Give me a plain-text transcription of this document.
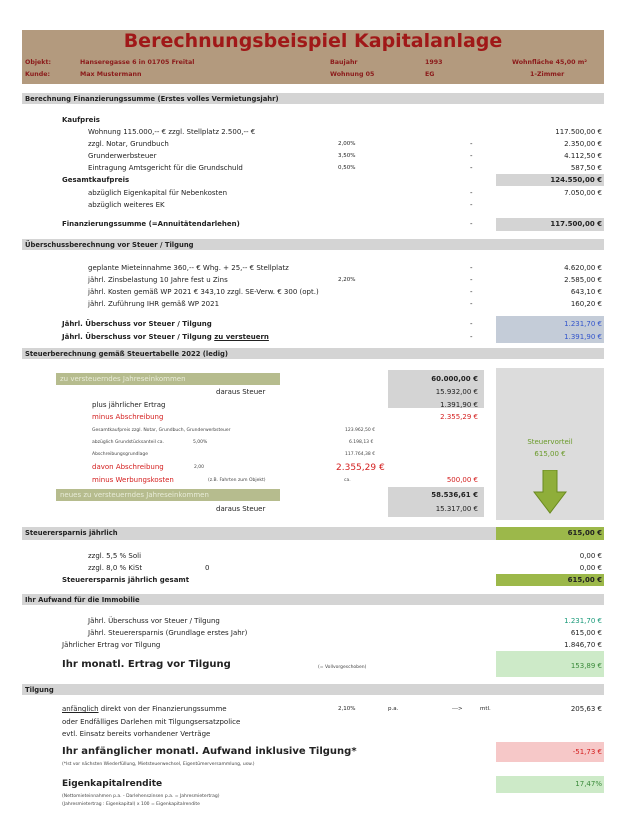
Berechnungsbeispiel Kapitalanlage
Objekt:	Hanseregasse 6 in 01705 Freital	Baujahr	1993	Wohnfläche 45,00 m²
Kunde:	Max Mustermann	Wohnung 05	EG	1-Zimmer
Berechnung Finanzierungssumme (Erstes volles Vermietungsjahr)
Kaufpreis
Wohnung 115.000,-- € zzgl. Stellplatz 2.500,-- €	117.500,00 €
zzgl. Notar, Grundbuch	2,00%	-	2.350,00 €
Grunderwerbsteuer	3,50%	-	4.112,50 €
Eintragung Amtsgericht für die Grundschuld	0,50%	-	587,50 €
Gesamtkaufpreis	124.550,00 €
abzüglich Eigenkapital für Nebenkosten	-	7.050,00 €
abzüglich weiteres EK	-
Finanzierungssumme (=Annuitätendarlehen)	-	117.500,00 €
Überschussberechnung vor Steuer / Tilgung
geplante Mieteinnahme 360,-- € Whg. + 25,-- € Stellplatz	-	4.620,00 €
jährl. Zinsbelastung 10 Jahre fest u Zins	2,20%	-	2.585,00 €
jährl. Kosten gemäß WP 2021 € 343,10 zzgl. SE-Verw. € 300 (opt.)	-	643,10 €
jährl. Zuführung IHR gemäß WP 2021	-	160,20 €
Jährl. Überschuss vor Steuer / Tilgung	-	1.231,70 €
Jährl. Überschuss vor Steuer / Tilgung zu versteuern	-	1.391,90 €
Steuerberechnung gemäß Steuertabelle 2022 (ledig)
zu versteuerndes Jahreseinkommen	60.000,00 €
daraus Steuer	15.932,00 €
plus jährlicher Ertrag	1.391,90 €
minus Abschreibung	2.355,29 €
Gesamtkaufpreis zzgl. Notar, Grundbuch, Grunderwerbsteuer	123.962,50 €
abzüglich Grundstücksanteil ca.	5,00%	6.198,13 €
Abschreibungsgrundlage	117.764,38 €
davon Abschreibung	2,00	2.355,29 €
minus Werbungskosten	(z.B. Fahrten zum Objekt)	ca.	500,00 €
neues zu versteuerndes Jahreseinkommen	58.536,61 €
daraus Steuer	15.317,00 €
Steuervorteil
615,00 €
Steuerersparnis jährlich	615,00 €
zzgl. 5,5 % Soli	0,00 €
zzgl. 8,0 % KiSt	0	0,00 €
Steuerersparnis jährlich gesamt	615,00 €
Ihr Aufwand für die Immobilie
Jährl. Überschuss vor Steuer / Tilgung	1.231,70 €
Jährl. Steuerersparnis (Grundlage erstes Jahr)	615,00 €
Jährlicher Ertrag vor Tilgung	1.846,70 €
Ihr monatl. Ertrag vor Tilgung	(= Vollvorgeschoben)	153,89 €
Tilgung
anfänglich direkt von der Finanzierungssumme	2,10%	p.a.	--->	mtl.	205,63 €
oder Endfälliges Darlehen mit Tilgungsersatzpolice
evtl. Einsatz bereits vorhandener Verträge
Ihr anfänglicher monatl. Aufwand inklusive Tilgung*	-51,73 €
(*Ist vor nächsten Wiederfüllung, Mietsteuerwechsel, Eigentümerversammlung, usw.)
Eigenkapitalrendite	17,47%
(Nettomieteinnahmen p.a. - Darlehenszinsen p.a. = Jahresmietertrag)
(Jahresmietertrag : Eigenkapital) x 100 = Eigenkapitalrendite
